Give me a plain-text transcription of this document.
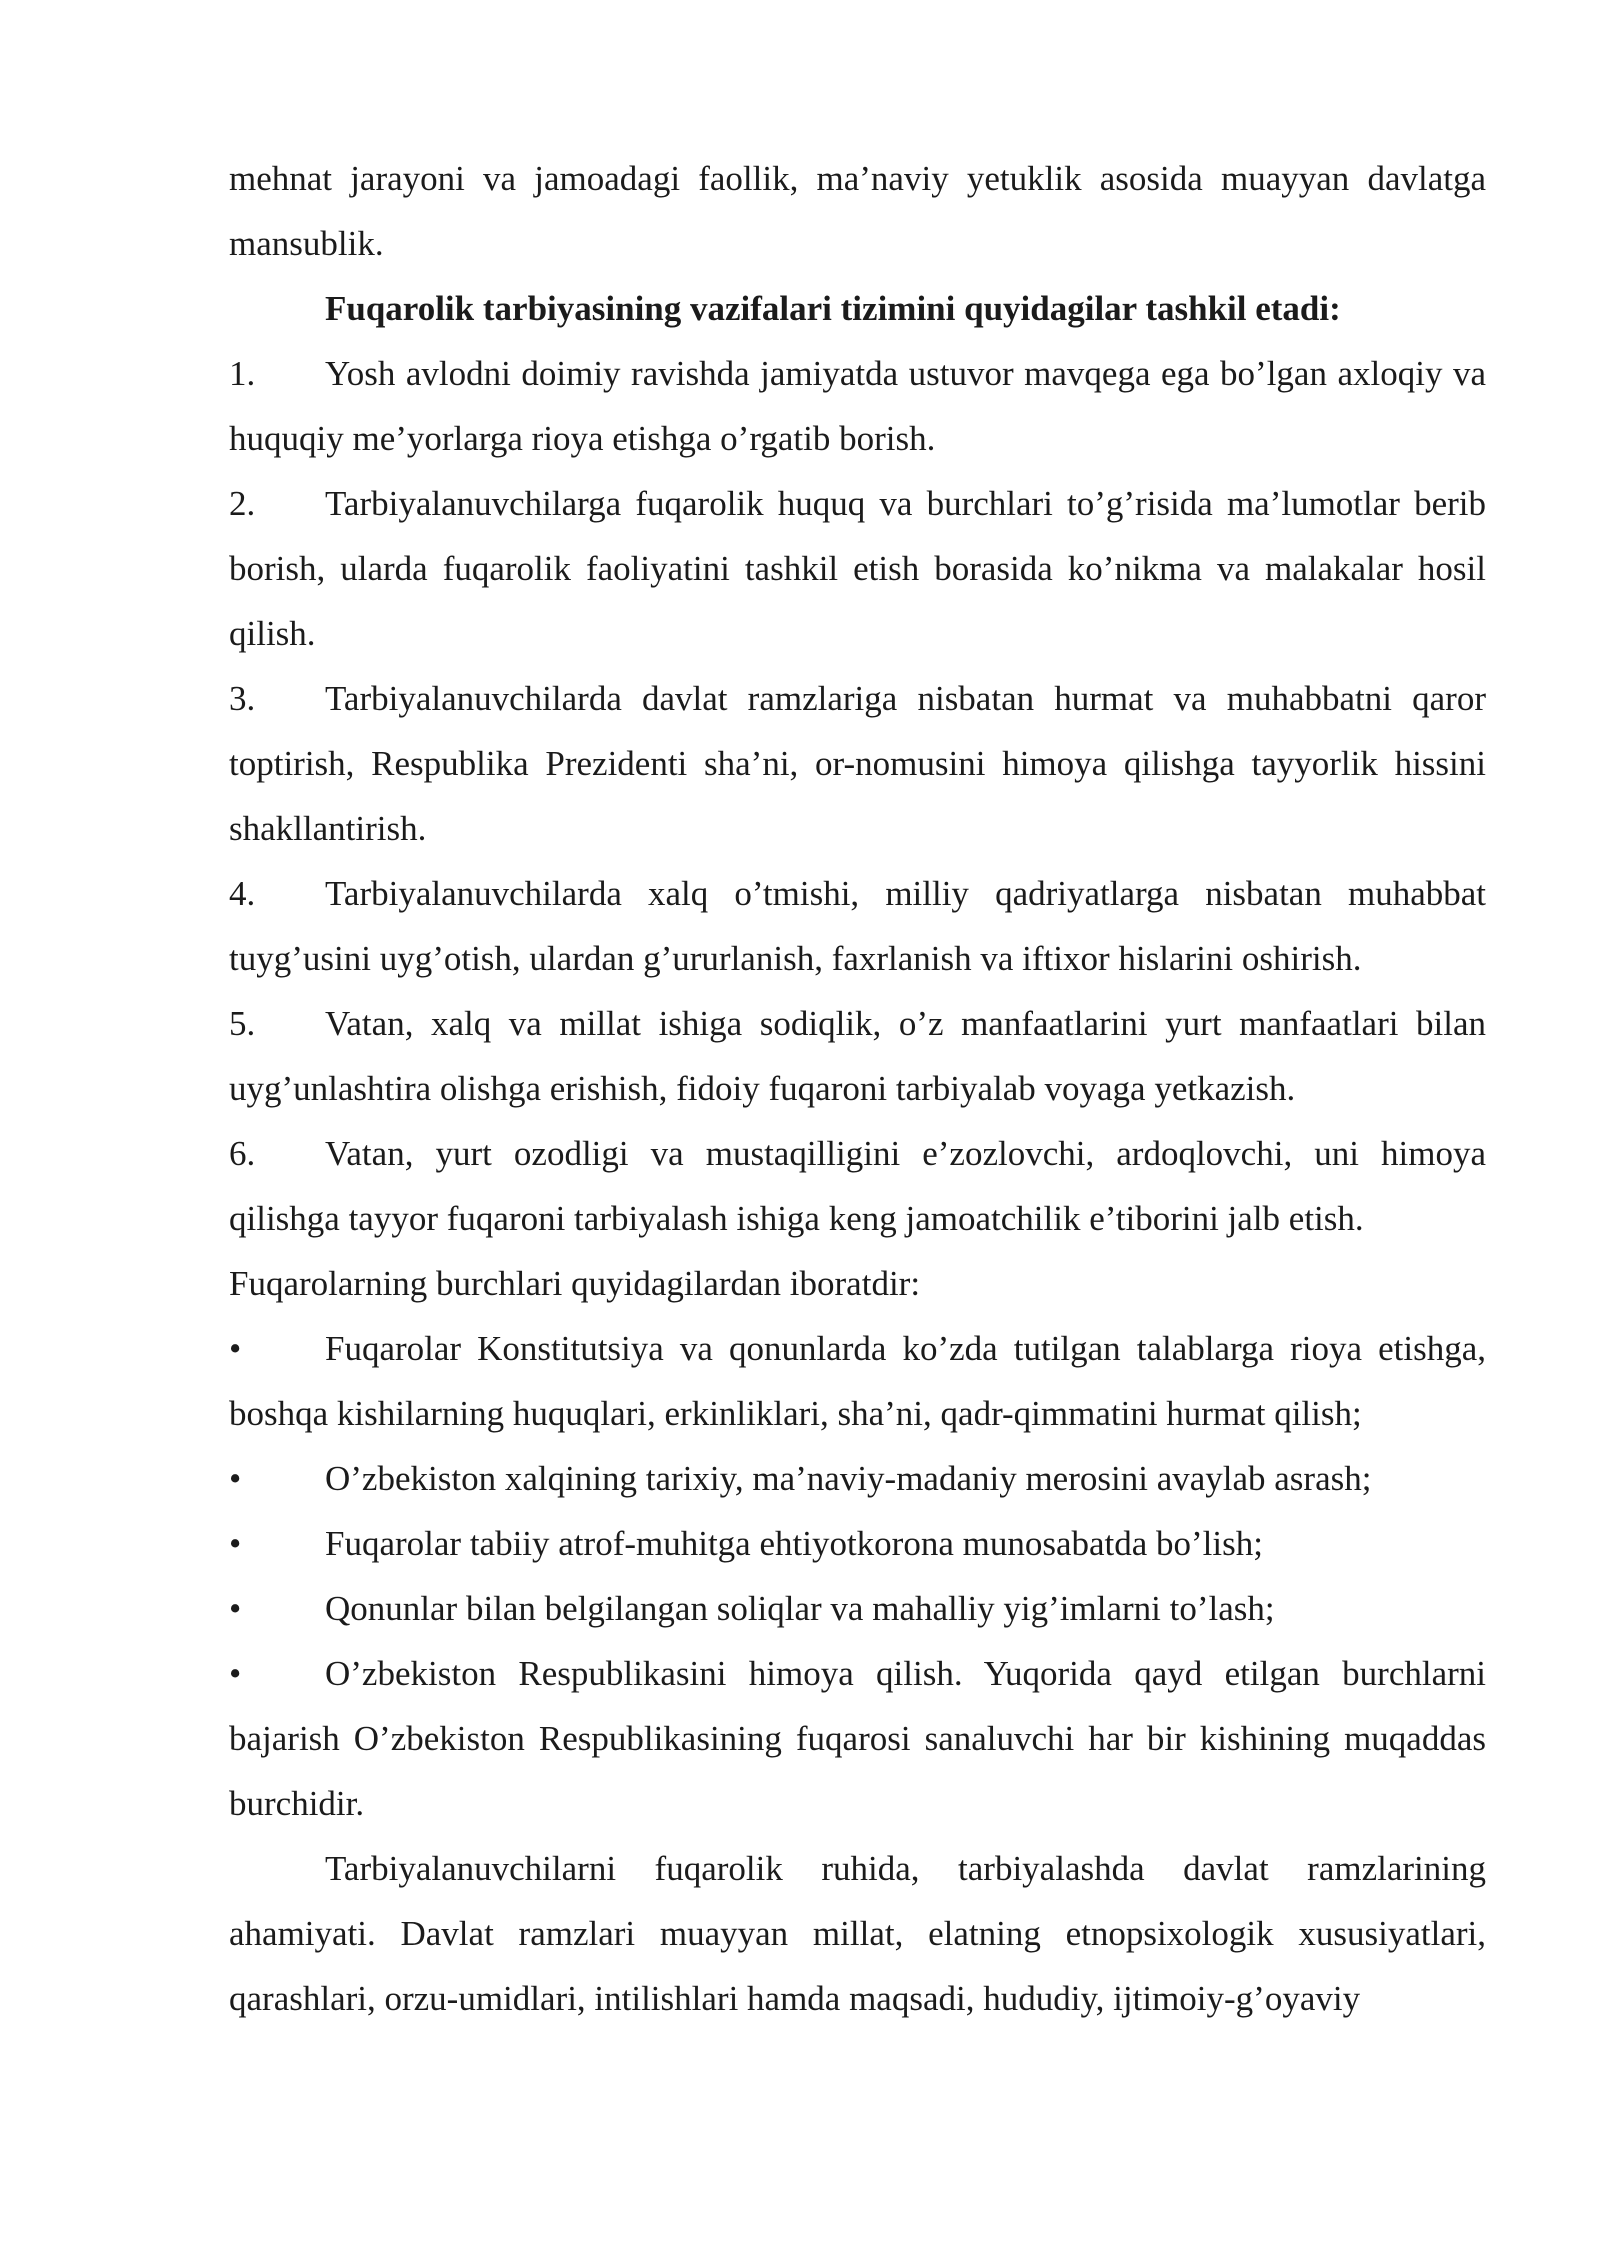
mehnat jarayoni va jamoadagi faollik, ma’naviy yetuklik asosida muayyan davlatga mansublik.

Fuqarolik tarbiyasining vazifalari tizimini quyidagilar tashkil etadi:

1. Yosh avlodni doimiy ravishda jamiyatda ustuvor mavqega ega bo’lgan axloqiy va huquqiy me’yorlarga rioya etishga o’rgatib borish.

2. Tarbiyalanuvchilarga fuqarolik huquq va burchlari to’g’risida ma’lumotlar berib borish, ularda fuqarolik faoliyatini tashkil etish borasida ko’nikma va malakalar hosil qilish.

3. Tarbiyalanuvchilarda davlat ramzlariga nisbatan hurmat va muhabbatni qaror toptirish, Respublika Prezidenti sha’ni, or-nomusini himoya qilishga tayyorlik hissini shakllantirish.

4. Tarbiyalanuvchilarda xalq o’tmishi, milliy qadriyatlarga nisbatan muhabbat tuyg’usini uyg’otish, ulardan g’ururlanish, faxrlanish va iftixor hislarini oshirish.

5. Vatan, xalq va millat ishiga sodiqlik, o’z manfaatlarini yurt manfaatlari bilan uyg’unlashtira olishga erishish, fidoiy fuqaroni tarbiyalab voyaga yetkazish.

6. Vatan, yurt ozodligi va mustaqilligini e’zozlovchi, ardoqlovchi, uni himoya qilishga tayyor fuqaroni tarbiyalash ishiga keng jamoatchilik e’tiborini jalb etish.

Fuqarolarning burchlari quyidagilardan iboratdir:

• Fuqarolar Konstitutsiya va qonunlarda ko’zda tutilgan talablarga rioya etishga, boshqa kishilarning huquqlari, erkinliklari, sha’ni, qadr-qimmatini hurmat qilish;

• O’zbekiston xalqining tarixiy, ma’naviy-madaniy merosini avaylab asrash;

• Fuqarolar tabiiy atrof-muhitga ehtiyotkorona munosabatda bo’lish;

• Qonunlar bilan belgilangan soliqlar va mahalliy yig’imlarni to’lash;

• O’zbekiston Respublikasini himoya qilish. Yuqorida qayd etilgan burchlarni bajarish O’zbekiston Respublikasining fuqarosi sanaluvchi har bir kishining muqaddas burchidir.

Tarbiyalanuvchilarni fuqarolik ruhida, tarbiyalashda davlat ramzlarining ahamiyati. Davlat ramzlari muayyan millat, elatning etnopsixologik xususiyatlari, qarashlari, orzu-umidlari, intilishlari hamda maqsadi, hududiy, ijtimoiy-g’oyaviy
